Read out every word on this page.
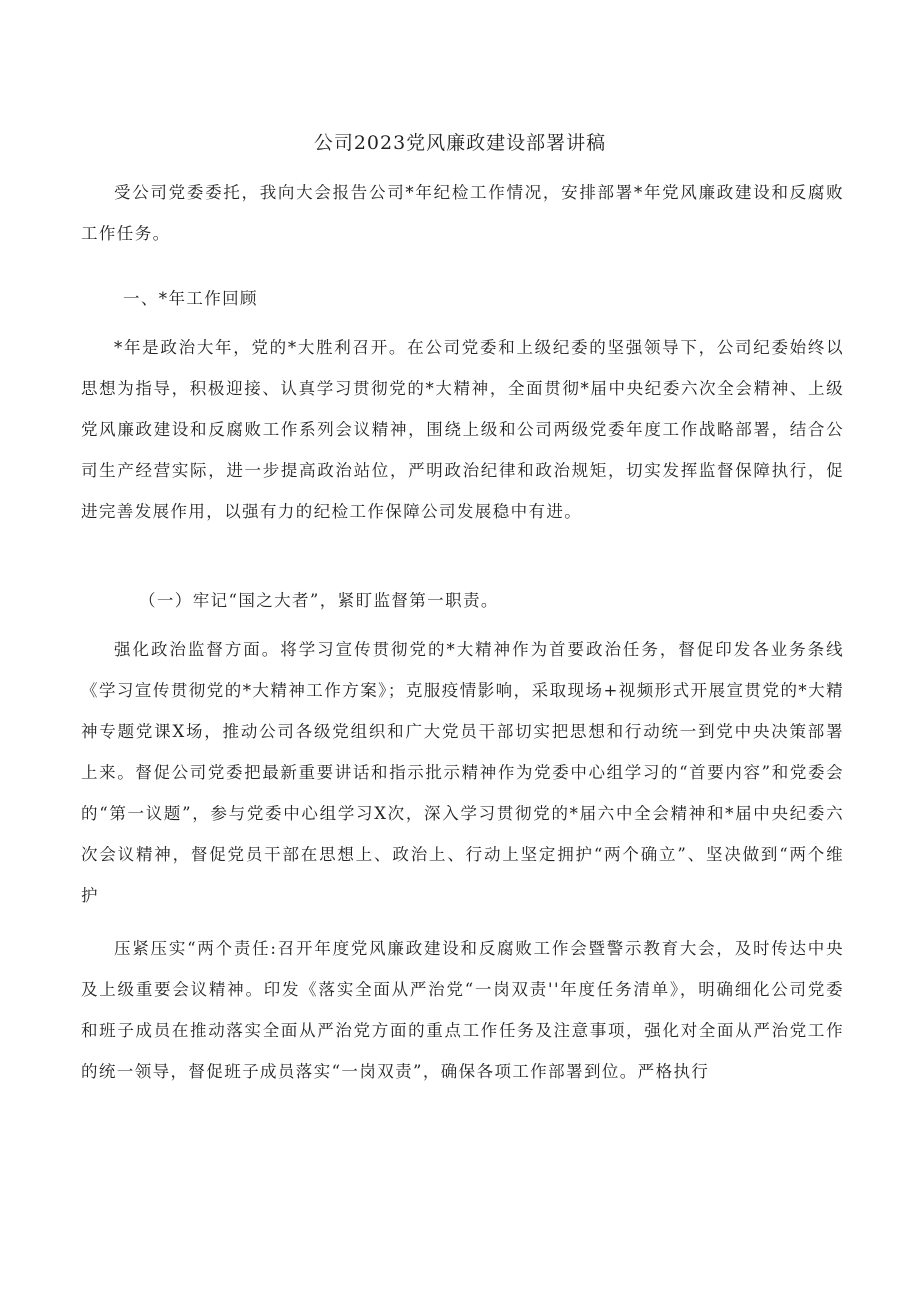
公司2023党风廉政建设部署讲稿

受公司党委委托，我向大会报告公司*年纪检工作情况，安排部署*年党风廉政建设和反腐败工作任务。

一、*年工作回顾

*年是政治大年，党的*大胜利召开。在公司党委和上级纪委的坚强领导下，公司纪委始终以思想为指导，积极迎接、认真学习贯彻党的*大精神，全面贯彻*届中央纪委六次全会精神、上级党风廉政建设和反腐败工作系列会议精神，围绕上级和公司两级党委年度工作战略部署，结合公司生产经营实际，进一步提高政治站位，严明政治纪律和政治规矩，切实发挥监督保障执行，促进完善发展作用，以强有力的纪检工作保障公司发展稳中有进。

（一）牢记“国之大者”，紧盯监督第一职责。

强化政治监督方面。将学习宣传贯彻党的*大精神作为首要政治任务，督促印发各业务条线《学习宣传贯彻党的*大精神工作方案》；克服疫情影响，采取现场+视频形式开展宣贯党的*大精神专题党课X场，推动公司各级党组织和广大党员干部切实把思想和行动统一到党中央决策部署上来。督促公司党委把最新重要讲话和指示批示精神作为党委中心组学习的“首要内容”和党委会的“第一议题”，参与党委中心组学习X次，深入学习贯彻党的*届六中全会精神和*届中央纪委六次会议精神，督促党员干部在思想上、政治上、行动上坚定拥护“两个确立”、坚决做到“两个维护

压紧压实“两个责任:召开年度党风廉政建设和反腐败工作会暨警示教育大会，及时传达中央及上级重要会议精神。印发《落实全面从严治党“一岗双责''年度任务清单》，明确细化公司党委和班子成员在推动落实全面从严治党方面的重点工作任务及注意事项，强化对全面从严治党工作的统一领导，督促班子成员落实“一岗双责”，确保各项工作部署到位。严格执行
